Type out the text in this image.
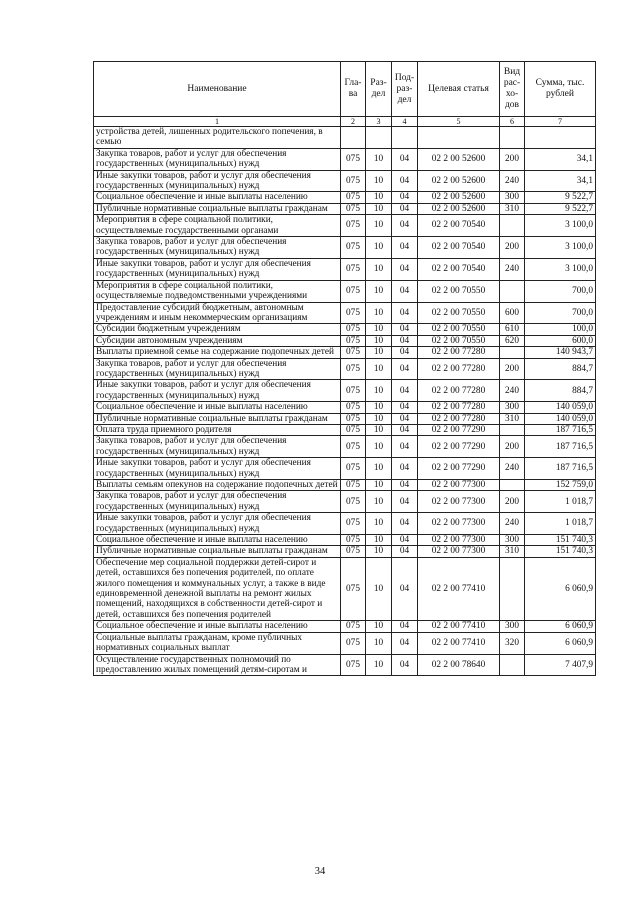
Наименование	Гла-ва	Раз-дел	Под-раз-дел	Целевая статья	Вид рас-хо-дов	Сумма, тыс. рублей
1	2	3	4	5	6	7
устройства детей, лишенных родительского попечения, в семью						
Закупка товаров, работ и услуг для обеспечения государственных (муниципальных) нужд	075	10	04	02 2 00 52600	200	34,1
Иные закупки товаров, работ и услуг для обеспечения государственных (муниципальных) нужд	075	10	04	02 2 00 52600	240	34,1
Социальное обеспечение и иные выплаты населению	075	10	04	02 2 00 52600	300	9 522,7
Публичные нормативные социальные выплаты гражданам	075	10	04	02 2 00 52600	310	9 522,7
Мероприятия в сфере социальной политики, осуществляемые государственными органами	075	10	04	02 2 00 70540		3 100,0
Закупка товаров, работ и услуг для обеспечения государственных (муниципальных) нужд	075	10	04	02 2 00 70540	200	3 100,0
Иные закупки товаров, работ и услуг для обеспечения государственных (муниципальных) нужд	075	10	04	02 2 00 70540	240	3 100,0
Мероприятия в сфере социальной политики, осуществляемые подведомственными учреждениями	075	10	04	02 2 00 70550		700,0
Предоставление субсидий бюджетным, автономным учреждениям и иным некоммерческим организациям	075	10	04	02 2 00 70550	600	700,0
Субсидии бюджетным учреждениям	075	10	04	02 2 00 70550	610	100,0
Субсидии автономным учреждениям	075	10	04	02 2 00 70550	620	600,0
Выплаты приемной семье на содержание подопечных детей	075	10	04	02 2 00 77280		140 943,7
Закупка товаров, работ и услуг для обеспечения государственных (муниципальных) нужд	075	10	04	02 2 00 77280	200	884,7
Иные закупки товаров, работ и услуг для обеспечения государственных (муниципальных) нужд	075	10	04	02 2 00 77280	240	884,7
Социальное обеспечение и иные выплаты населению	075	10	04	02 2 00 77280	300	140 059,0
Публичные нормативные социальные выплаты гражданам	075	10	04	02 2 00 77280	310	140 059,0
Оплата труда приемного родителя	075	10	04	02 2 00 77290		187 716,5
Закупка товаров, работ и услуг для обеспечения государственных (муниципальных) нужд	075	10	04	02 2 00 77290	200	187 716,5
Иные закупки товаров, работ и услуг для обеспечения государственных (муниципальных) нужд	075	10	04	02 2 00 77290	240	187 716,5
Выплаты семьям опекунов на содержание подопечных детей	075	10	04	02 2 00 77300		152 759,0
Закупка товаров, работ и услуг для обеспечения государственных (муниципальных) нужд	075	10	04	02 2 00 77300	200	1 018,7
Иные закупки товаров, работ и услуг для обеспечения государственных (муниципальных) нужд	075	10	04	02 2 00 77300	240	1 018,7
Социальное обеспечение и иные выплаты населению	075	10	04	02 2 00 77300	300	151 740,3
Публичные нормативные социальные выплаты гражданам	075	10	04	02 2 00 77300	310	151 740,3
Обеспечение мер социальной поддержки детей-сирот и детей, оставшихся без попечения родителей, по оплате жилого помещения и коммунальных услуг, а также в виде единовременной денежной выплаты на ремонт жилых помещений, находящихся в собственности детей-сирот и детей, оставшихся без попечения родителей	075	10	04	02 2 00 77410		6 060,9
Социальное обеспечение и иные выплаты населению	075	10	04	02 2 00 77410	300	6 060,9
Социальные выплаты гражданам, кроме публичных нормативных социальных выплат	075	10	04	02 2 00 77410	320	6 060,9
Осуществление государственных полномочий по предоставлению жилых помещений детям-сиротам и	075	10	04	02 2 00 78640		7 407,9
34
